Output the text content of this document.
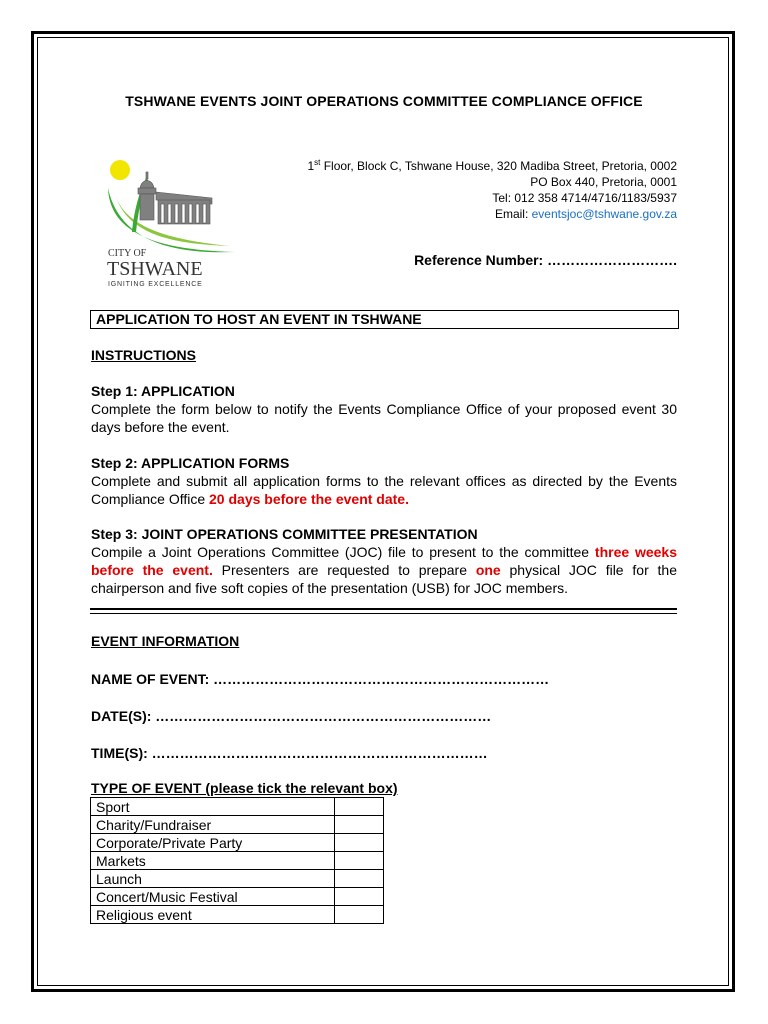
TSHWANE EVENTS JOINT OPERATIONS COMMITTEE COMPLIANCE OFFICE
CITY OF
TSHWANE
IGNITING EXCELLENCE
1st Floor, Block C, Tshwane House, 320 Madiba Street, Pretoria, 0002
PO Box 440, Pretoria, 0001
Tel: 012 358 4714/4716/1183/5937
Email: eventsjoc@tshwane.gov.za
Reference Number: ……………………….
APPLICATION TO HOST AN EVENT IN TSHWANE
INSTRUCTIONS
Step 1: APPLICATION
Complete the form below to notify the Events Compliance Office of your proposed event 30 days before the event.
Step 2: APPLICATION FORMS
Complete and submit all application forms to the relevant offices as directed by the Events Compliance Office 20 days before the event date.
Step 3: JOINT OPERATIONS COMMITTEE PRESENTATION
Compile a Joint Operations Committee (JOC) file to present to the committee three weeks before the event. Presenters are requested to prepare one physical JOC file for the chairperson and five soft copies of the presentation (USB) for JOC members.
EVENT INFORMATION
NAME OF EVENT: ………………………………………………………………
DATE(S): ………………………………………………………………
TIME(S): ………………………………………………………………
TYPE OF EVENT (please tick the relevant box)
Sport	
Charity/Fundraiser	
Corporate/Private Party	
Markets	
Launch	
Concert/Music Festival	
Religious event	
